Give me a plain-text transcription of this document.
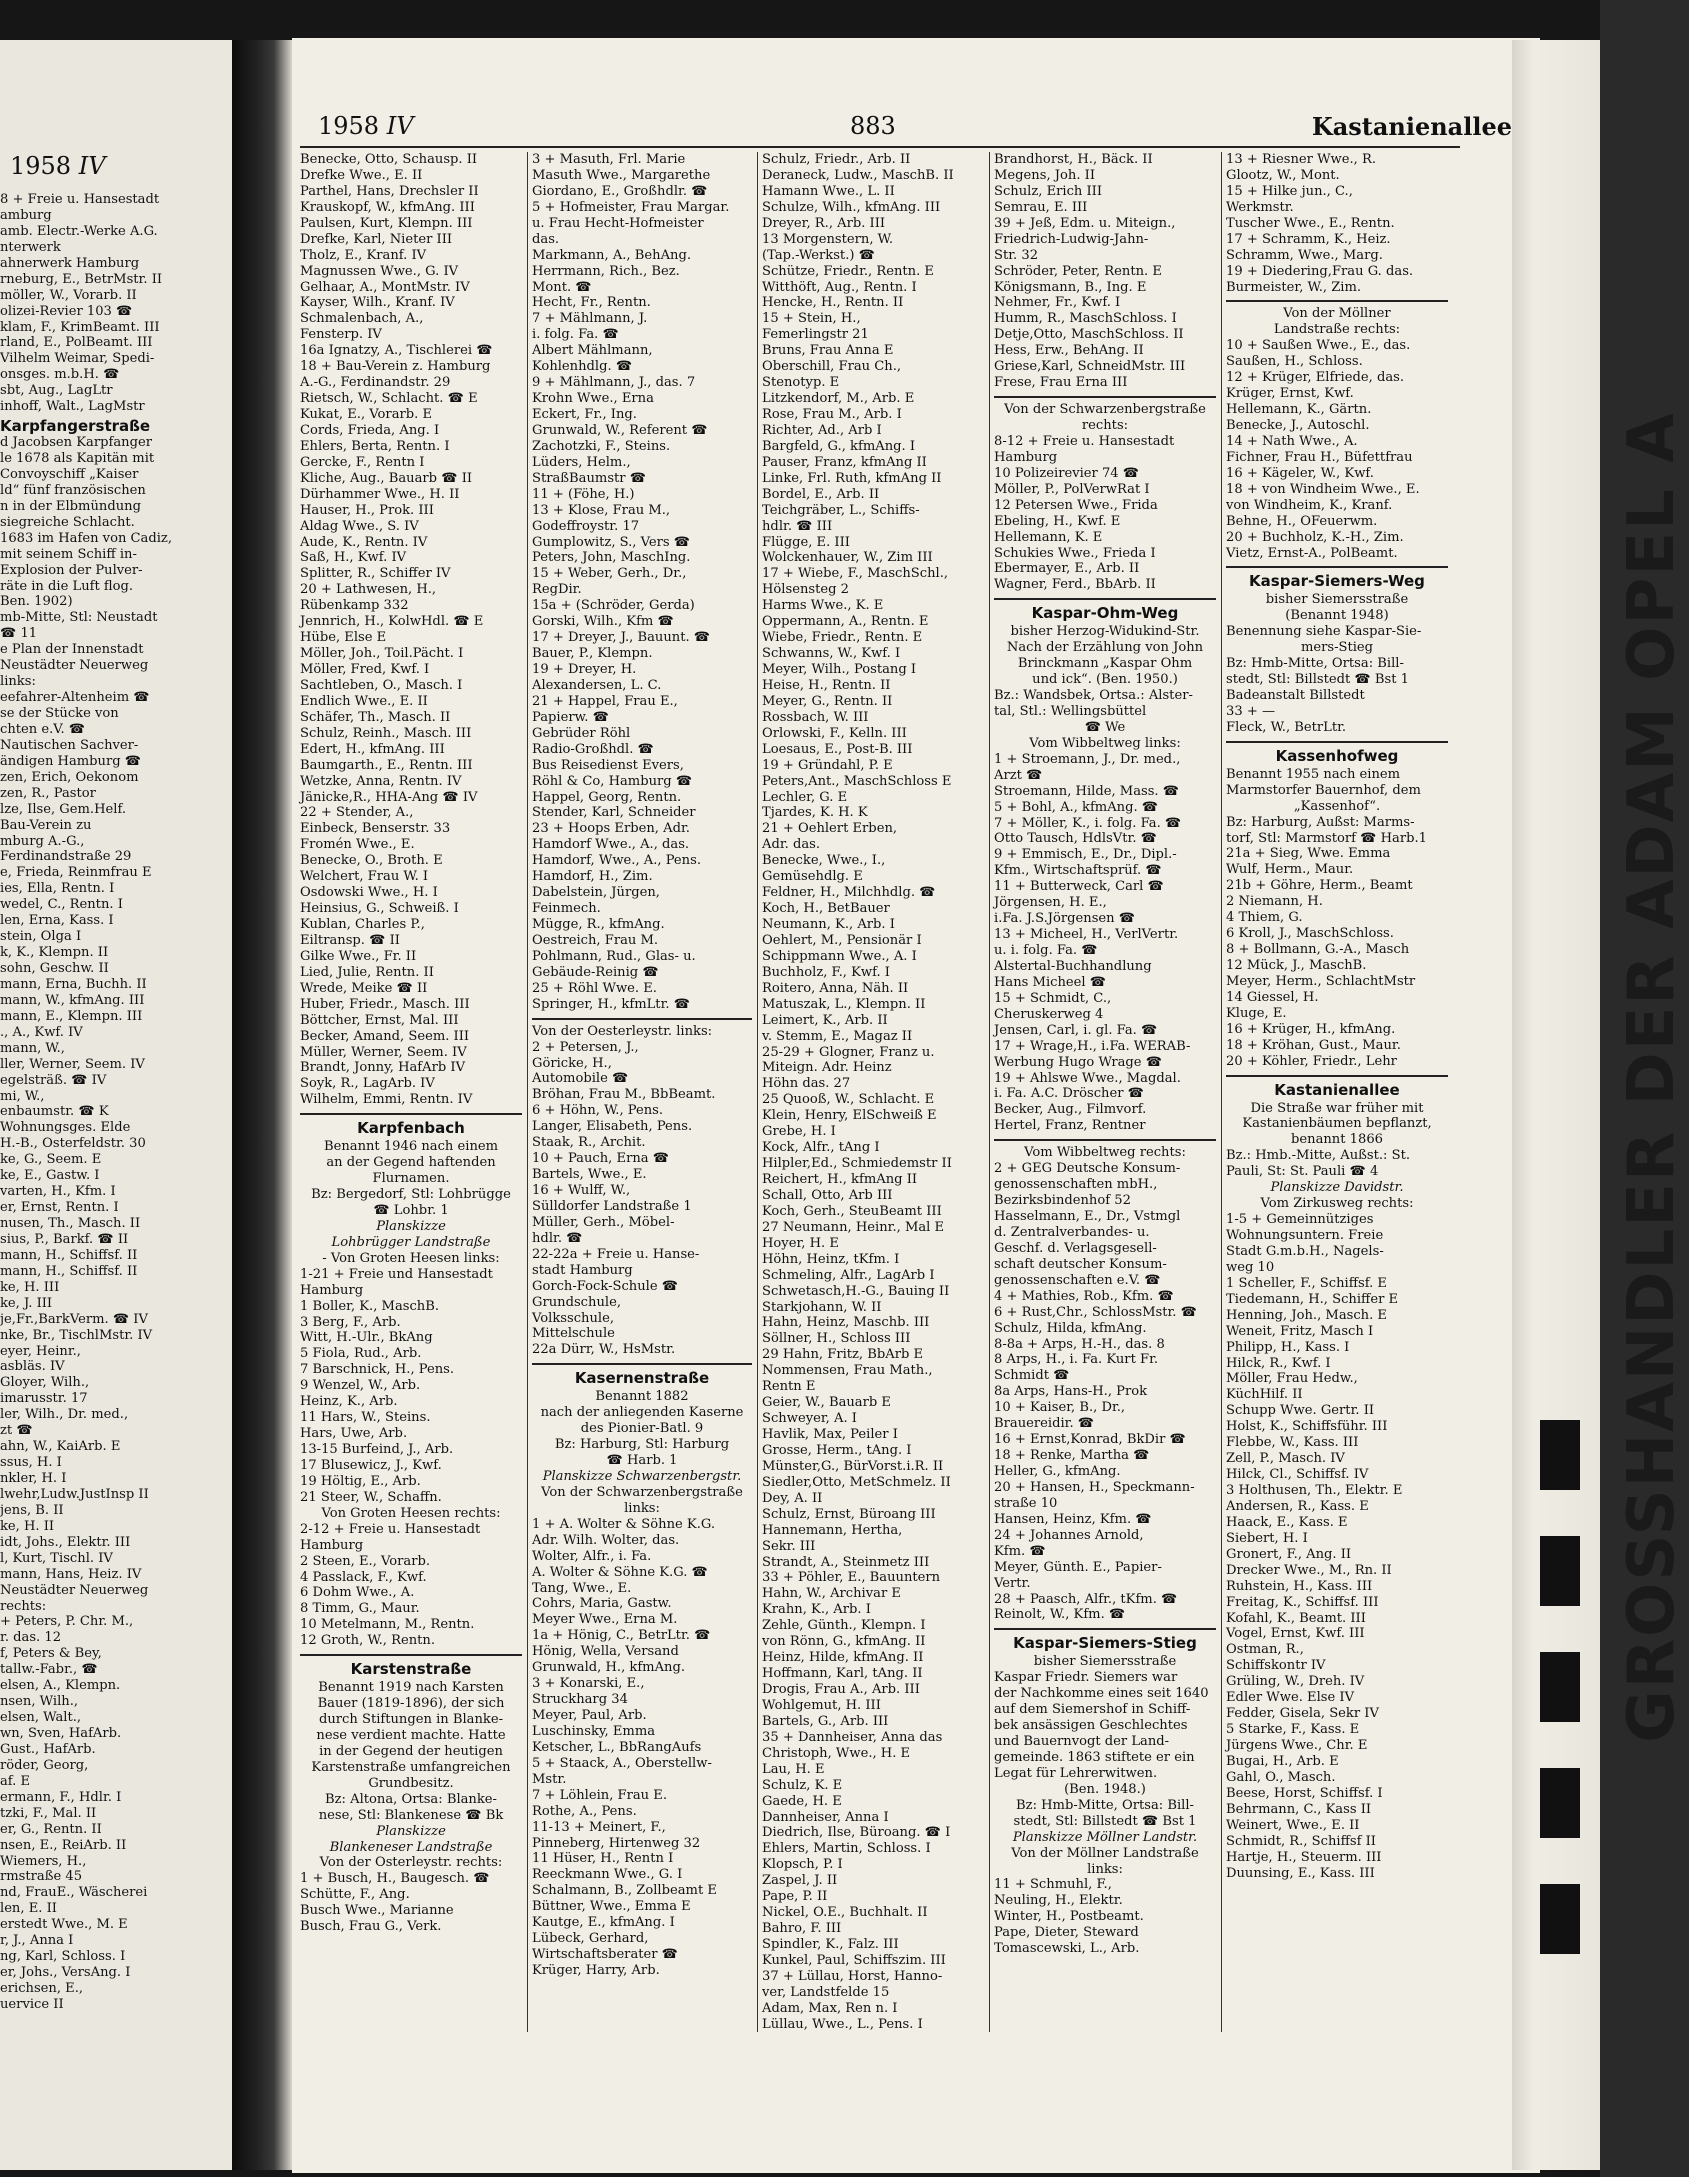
1958 IV
8 + Freie u. Hansestadt
amburg
amb. Electr.-Werke A.G.
nterwerk
ahnerwerk Hamburg
rneburg, E., BetrMstr. II
möller, W., Vorarb. II
olizei-Revier 103 ☎
klam, F., KrimBeamt. III
rland, E., PolBeamt. III
Vilhelm Weimar, Spedi-
onsges. m.b.H. ☎
sbt, Aug., LagLtr
inhoff, Walt., LagMstr
Karpfangerstraße
d Jacobsen Karpfanger
le 1678 als Kapitän mit
Convoyschiff „Kaiser
ld“ fünf französischen
n in der Elbmündung
siegreiche Schlacht.
1683 im Hafen von Cadiz,
mit seinem Schiff in-
Explosion der Pulver-
räte in die Luft flog.
Ben. 1902)
mb-Mitte, Stl: Neustadt
☎ 11
e Plan der Innenstadt
Neustädter Neuerweg
links:
eefahrer-Altenheim ☎
se der Stücke von
chten e.V. ☎
Nautischen Sachver-
ändigen Hamburg ☎
zen, Erich, Oekonom
zen, R., Pastor
lze, Ilse, Gem.Helf.
Bau-Verein zu
mburg A.-G.,
Ferdinandstraße 29
e, Frieda, Reinmfrau E
ies, Ella, Rentn. I
wedel, C., Rentn. I
len, Erna, Kass. I
stein, Olga I
k, K., Klempn. II
sohn, Geschw. II
mann, Erna, Buchh. II
mann, W., kfmAng. III
mann, E., Klempn. III
., A., Kwf. IV
mann, W.,
ller, Werner, Seem. IV
egelsträß. ☎ IV
mi, W.,
enbaumstr. ☎ K
Wohnungsges. Elde
H.-B., Osterfeldstr. 30
ke, G., Seem. E
ke, E., Gastw. I
varten, H., Kfm. I
er, Ernst, Rentn. I
nusen, Th., Masch. II
sius, P., Barkf. ☎ II
mann, H., Schiffsf. II
mann, H., Schiffsf. II
ke, H. III
ke, J. III
je,Fr.,BarkVerm. ☎ IV
nke, Br., TischlMstr. IV
eyer, Heinr.,
asbläs. IV
Gloyer, Wilh.,
imarusstr. 17
ler, Wilh., Dr. med.,
zt ☎
ahn, W., KaiArb. E
ssus, H. I
nkler, H. I
lwehr,Ludw.JustInsp II
jens, B. II
ke, H. II
idt, Johs., Elektr. III
l, Kurt, Tischl. IV
mann, Hans, Heiz. IV
Neustädter Neuerweg
rechts:
+ Peters, P. Chr. M.,
r. das. 12
f, Peters & Bey,
tallw.-Fabr., ☎
elsen, A., Klempn.
nsen, Wilh.,
elsen, Walt.,
wn, Sven, HafArb.
Gust., HafArb.
röder, Georg,
af. E
ermann, F., Hdlr. I
tzki, F., Mal. II
er, G., Rentn. II
nsen, E., ReiArb. II
Wiemers, H.,
rmstraße 45
nd, FrauE., Wäscherei
len, E. II
erstedt Wwe., M. E
r, J., Anna I
ng, Karl, Schloss. I
er, Johs., VersAng. I
erichsen, E.,
uervice II
GROSSHANDLER DER ADAM OPEL A
1958 IV	883	Kastanienallee
Benecke, Otto, Schausp. II
Drefke Wwe., E. II
Parthel, Hans, Drechsler II
Krauskopf, W., kfmAng. III
Paulsen, Kurt, Klempn. III
Drefke, Karl, Nieter III
Tholz, E., Kranf. IV
Magnussen Wwe., G. IV
Gelhaar, A., MontMstr. IV
Kayser, Wilh., Kranf. IV
Schmalenbach, A.,
Fensterp. IV
16a Ignatzy, A., Tischlerei ☎
18 + Bau-Verein z. Hamburg
A.-G., Ferdinandstr. 29
Rietsch, W., Schlacht. ☎ E
Kukat, E., Vorarb. E
Cords, Frieda, Ang. I
Ehlers, Berta, Rentn. I
Gercke, F., Rentn I
Kliche, Aug., Bauarb ☎ II
Dürhammer Wwe., H. II
Hauser, H., Prok. III
Aldag Wwe., S. IV
Aude, K., Rentn. IV
Saß, H., Kwf. IV
Splitter, R., Schiffer IV
20 + Lathwesen, H.,
Rübenkamp 332
Jennrich, H., KolwHdl. ☎ E
Hübe, Else E
Möller, Joh., Toil.Pächt. I
Möller, Fred, Kwf. I
Sachtleben, O., Masch. I
Endlich Wwe., E. II
Schäfer, Th., Masch. II
Schulz, Reinh., Masch. III
Edert, H., kfmAng. III
Baumgarth., E., Rentn. III
Wetzke, Anna, Rentn. IV
Jänicke,R., HHA-Ang ☎ IV
22 + Stender, A.,
Einbeck, Benserstr. 33
Fromén Wwe., E.
Benecke, O., Broth. E
Welchert, Frau W. I
Osdowski Wwe., H. I
Heinsius, G., Schweiß. I
Kublan, Charles P.,
Eiltransp. ☎ II
Gilke Wwe., Fr. II
Lied, Julie, Rentn. II
Wrede, Meike ☎ II
Huber, Friedr., Masch. III
Böttcher, Ernst, Mal. III
Becker, Amand, Seem. III
Müller, Werner, Seem. IV
Brandt, Jonny, HafArb IV
Soyk, R., LagArb. IV
Wilhelm, Emmi, Rentn. IV
Karpfenbach
Benannt 1946 nach einem
an der Gegend haftenden
Flurnamen.
Bz: Bergedorf, Stl: Lohbrügge
☎ Lohbr. 1
Planskizze
Lohbrügger Landstraße
- Von Groten Heesen links:
1-21 + Freie und Hansestadt
Hamburg
1 Boller, K., MaschB.
3 Berg, F., Arb.
Witt, H.-Ulr., BkAng
5 Fiola, Rud., Arb.
7 Barschnick, H., Pens.
9 Wenzel, W., Arb.
Heinz, K., Arb.
11 Hars, W., Steins.
Hars, Uwe, Arb.
13-15 Burfeind, J., Arb.
17 Blusewicz, J., Kwf.
19 Höltig, E., Arb.
21 Steer, W., Schaffn.
Von Groten Heesen rechts:
2-12 + Freie u. Hansestadt
Hamburg
2 Steen, E., Vorarb.
4 Passlack, F., Kwf.
6 Dohm Wwe., A.
8 Timm, G., Maur.
10 Metelmann, M., Rentn.
12 Groth, W., Rentn.
Karstenstraße
Benannt 1919 nach Karsten
Bauer (1819-1896), der sich
durch Stiftungen in Blanke-
nese verdient machte. Hatte
in der Gegend der heutigen
Karstenstraße umfangreichen
Grundbesitz.
Bz: Altona, Ortsa: Blanke-
nese, Stl: Blankenese ☎ Bk
Planskizze
Blankeneser Landstraße
Von der Osterleystr. rechts:
1 + Busch, H., Baugesch. ☎
Schütte, F., Ang.
Busch Wwe., Marianne
Busch, Frau G., Verk.
3 + Masuth, Frl. Marie
Masuth Wwe., Margarethe
Giordano, E., Großhdlr. ☎
5 + Hofmeister, Frau Margar.
u. Frau Hecht-Hofmeister
das.
Markmann, A., BehAng.
Herrmann, Rich., Bez.
Mont. ☎
Hecht, Fr., Rentn.
7 + Mählmann, J.
i. folg. Fa. ☎
Albert Mählmann,
Kohlenhdlg. ☎
9 + Mählmann, J., das. 7
Krohn Wwe., Erna
Eckert, Fr., Ing.
Grunwald, W., Referent ☎
Zachotzki, F., Steins.
Lüders, Helm.,
StraßBaumstr ☎
11 + (Föhe, H.)
13 + Klose, Frau M.,
Godeffroystr. 17
Gumplowitz, S., Vers ☎
Peters, John, MaschIng.
15 + Weber, Gerh., Dr.,
RegDir.
15a + (Schröder, Gerda)
Gorski, Wilh., Kfm ☎
17 + Dreyer, J., Bauunt. ☎
Bauer, P., Klempn.
19 + Dreyer, H.
Alexandersen, L. C.
21 + Happel, Frau E.,
Papierw. ☎
Gebrüder Röhl
Radio-Großhdl. ☎
Bus Reisedienst Evers,
Röhl & Co, Hamburg ☎
Happel, Georg, Rentn.
Stender, Karl, Schneider
23 + Hoops Erben, Adr.
Hamdorf Wwe., A., das.
Hamdorf, Wwe., A., Pens.
Hamdorf, H., Zim.
Dabelstein, Jürgen,
Feinmech.
Mügge, R., kfmAng.
Oestreich, Frau M.
Pohlmann, Rud., Glas- u.
Gebäude-Reinig ☎
25 + Röhl Wwe. E.
Springer, H., kfmLtr. ☎
Von der Oesterleystr. links:
2 + Petersen, J.,
Göricke, H.,
Automobile ☎
Bröhan, Frau M., BbBeamt.
6 + Höhn, W., Pens.
Langer, Elisabeth, Pens.
Staak, R., Archit.
10 + Pauch, Erna ☎
Bartels, Wwe., E.
16 + Wulff, W.,
Sülldorfer Landstraße 1
Müller, Gerh., Möbel-
hdlr. ☎
22-22a + Freie u. Hanse-
stadt Hamburg
Gorch-Fock-Schule ☎
Grundschule,
Volksschule,
Mittelschule
22a Dürr, W., HsMstr.
Kasernenstraße
Benannt 1882
nach der anliegenden Kaserne
des Pionier-Batl. 9
Bz: Harburg, Stl: Harburg
☎ Harb. 1
Planskizze Schwarzenbergstr.
Von der Schwarzenbergstraße
links:
1 + A. Wolter & Söhne K.G.
Adr. Wilh. Wolter, das.
Wolter, Alfr., i. Fa.
A. Wolter & Söhne K.G. ☎
Tang, Wwe., E.
Cohrs, Maria, Gastw.
Meyer Wwe., Erna M.
1a + Hönig, C., BetrLtr. ☎
Hönig, Wella, Versand
Grunwald, H., kfmAng.
3 + Konarski, E.,
Struckharg 34
Meyer, Paul, Arb.
Luschinsky, Emma
Ketscher, L., BbRangAufs
5 + Staack, A., Oberstellw-
Mstr.
7 + Löhlein, Frau E.
Rothe, A., Pens.
11-13 + Meinert, F.,
Pinneberg, Hirtenweg 32
11 Hüser, H., Rentn I
Reeckmann Wwe., G. I
Schalmann, B., Zollbeamt E
Büttner, Wwe., Emma E
Kautge, E., kfmAng. I
Lübeck, Gerhard,
Wirtschaftsberater ☎
Krüger, Harry, Arb.
Schulz, Friedr., Arb. II
Deraneck, Ludw., MaschB. II
Hamann Wwe., L. II
Schulze, Wilh., kfmAng. III
Dreyer, R., Arb. III
13 Morgenstern, W.
(Tap.-Werkst.) ☎
Schütze, Friedr., Rentn. E
Witthöft, Aug., Rentn. I
Hencke, H., Rentn. II
15 + Stein, H.,
Femerlingstr 21
Bruns, Frau Anna E
Oberschill, Frau Ch.,
Stenotyp. E
Litzkendorf, M., Arb. E
Rose, Frau M., Arb. I
Richter, Ad., Arb I
Bargfeld, G., kfmAng. I
Pauser, Franz, kfmAng II
Linke, Frl. Ruth, kfmAng II
Bordel, E., Arb. II
Teichgräber, L., Schiffs-
hdlr. ☎ III
Flügge, E. III
Wolckenhauer, W., Zim III
17 + Wiebe, F., MaschSchl.,
Hölsensteg 2
Harms Wwe., K. E
Oppermann, A., Rentn. E
Wiebe, Friedr., Rentn. E
Schwanns, W., Kwf. I
Meyer, Wilh., Postang I
Heise, H., Rentn. II
Meyer, G., Rentn. II
Rossbach, W. III
Orlowski, F., Kelln. III
Loesaus, E., Post-B. III
19 + Gründahl, P. E
Peters,Ant., MaschSchloss E
Lechler, G. E
Tjardes, K. H. K
21 + Oehlert Erben,
Adr. das.
Benecke, Wwe., I.,
Gemüsehdlg. E
Feldner, H., Milchhdlg. ☎
Koch, H., BetBauer
Neumann, K., Arb. I
Oehlert, M., Pensionär I
Schippmann Wwe., A. I
Buchholz, F., Kwf. I
Roitero, Anna, Näh. II
Matuszak, L., Klempn. II
Leimert, K., Arb. II
v. Stemm, E., Magaz II
25-29 + Glogner, Franz u.
Miteign. Adr. Heinz
Höhn das. 27
25 Quooß, W., Schlacht. E
Klein, Henry, ElSchweiß E
Grebe, H. I
Kock, Alfr., tAng I
Hilpler,Ed., Schmiedemstr II
Reichert, H., kfmAng II
Schall, Otto, Arb III
Koch, Gerh., SteuBeamt III
27 Neumann, Heinr., Mal E
Hoyer, H. E
Höhn, Heinz, tKfm. I
Schmeling, Alfr., LagArb I
Schwetasch,H.-G., Bauing II
Starkjohann, W. II
Hahn, Heinz, Maschb. III
Söllner, H., Schloss III
29 Hahn, Fritz, BbArb E
Nommensen, Frau Math.,
Rentn E
Geier, W., Bauarb E
Schweyer, A. I
Havlik, Max, Peiler I
Grosse, Herm., tAng. I
Münster,G., BürVorst.i.R. II
Siedler,Otto, MetSchmelz. II
Dey, A. II
Schulz, Ernst, Büroang III
Hannemann, Hertha,
Sekr. III
Strandt, A., Steinmetz III
33 + Pöhler, E., Bauuntern
Hahn, W., Archivar E
Krahn, K., Arb. I
Zehle, Günth., Klempn. I
von Rönn, G., kfmAng. II
Heinz, Hilde, kfmAng. II
Hoffmann, Karl, tAng. II
Drogis, Frau A., Arb. III
Wohlgemut, H. III
Bartels, G., Arb. III
35 + Dannheiser, Anna das
Christoph, Wwe., H. E
Lau, H. E
Schulz, K. E
Gaede, H. E
Dannheiser, Anna I
Diedrich, Ilse, Büroang. ☎ I
Ehlers, Martin, Schloss. I
Klopsch, P. I
Zaspel, J. II
Pape, P. II
Nickel, O.E., Buchhalt. II
Bahro, F. III
Spindler, K., Falz. III
Kunkel, Paul, Schiffszim. III
37 + Lüllau, Horst, Hanno-
ver, Landstfelde 15
Adam, Max, Ren n. I
Lüllau, Wwe., L., Pens. I
Brandhorst, H., Bäck. II
Megens, Joh. II
Schulz, Erich III
Semrau, E. III
39 + Jeß, Edm. u. Miteign.,
Friedrich-Ludwig-Jahn-
Str. 32
Schröder, Peter, Rentn. E
Königsmann, B., Ing. E
Nehmer, Fr., Kwf. I
Humm, R., MaschSchloss. I
Detje,Otto, MaschSchloss. II
Hess, Erw., BehAng. II
Griese,Karl, SchneidMstr. III
Frese, Frau Erna III
Von der Schwarzenbergstraße
rechts:
8-12 + Freie u. Hansestadt
Hamburg
10 Polizeirevier 74 ☎
Möller, P., PolVerwRat I
12 Petersen Wwe., Frida
Ebeling, H., Kwf. E
Hellemann, K. E
Schukies Wwe., Frieda I
Ebermayer, E., Arb. II
Wagner, Ferd., BbArb. II
Kaspar-Ohm-Weg
bisher Herzog-Widukind-Str.
Nach der Erzählung von John
Brinckmann „Kaspar Ohm
und ick“. (Ben. 1950.)
Bz.: Wandsbek, Ortsa.: Alster-
tal, Stl.: Wellingsbüttel
☎ We
Vom Wibbeltweg links:
1 + Stroemann, J., Dr. med.,
Arzt ☎
Stroemann, Hilde, Mass. ☎
5 + Bohl, A., kfmAng. ☎
7 + Möller, K., i. folg. Fa. ☎
Otto Tausch, HdlsVtr. ☎
9 + Emmisch, E., Dr., Dipl.-
Kfm., Wirtschaftsprüf. ☎
11 + Butterweck, Carl ☎
Jörgensen, H. E.,
i.Fa. J.S.Jörgensen ☎
13 + Micheel, H., VerlVertr.
u. i. folg. Fa. ☎
Alstertal-Buchhandlung
Hans Micheel ☎
15 + Schmidt, C.,
Cheruskerweg 4
Jensen, Carl, i. gl. Fa. ☎
17 + Wrage,H., i.Fa. WERAB-
Werbung Hugo Wrage ☎
19 + Ahlswe Wwe., Magdal.
i. Fa. A.C. Dröscher ☎
Becker, Aug., Filmvorf.
Hertel, Franz, Rentner
Vom Wibbeltweg rechts:
2 + GEG Deutsche Konsum-
genossenschaften mbH.,
Bezirksbindenhof 52
Hasselmann, E., Dr., Vstmgl
d. Zentralverbandes- u.
Geschf. d. Verlagsgesell-
schaft deutscher Konsum-
genossenschaften e.V. ☎
4 + Mathies, Rob., Kfm. ☎
6 + Rust,Chr., SchlossMstr. ☎
Schulz, Hilda, kfmAng.
8-8a + Arps, H.-H., das. 8
8 Arps, H., i. Fa. Kurt Fr.
Schmidt ☎
8a Arps, Hans-H., Prok
10 + Kaiser, B., Dr.,
Brauereidir. ☎
16 + Ernst,Konrad, BkDir ☎
18 + Renke, Martha ☎
Heller, G., kfmAng.
20 + Hansen, H., Speckmann-
straße 10
Hansen, Heinz, Kfm. ☎
24 + Johannes Arnold,
Kfm. ☎
Meyer, Günth. E., Papier-
Vertr.
28 + Paasch, Alfr., tKfm. ☎
Reinolt, W., Kfm. ☎
Kaspar-Siemers-Stieg
bisher Siemersstraße
Kaspar Friedr. Siemers war
der Nachkomme eines seit 1640
auf dem Siemershof in Schiff-
bek ansässigen Geschlechtes
und Bauernvogt der Land-
gemeinde. 1863 stiftete er ein
Legat für Lehrerwitwen.
(Ben. 1948.)
Bz: Hmb-Mitte, Ortsa: Bill-
stedt, Stl: Billstedt ☎ Bst 1
Planskizze Möllner Landstr.
Von der Möllner Landstraße
links:
11 + Schmuhl, F.,
Neuling, H., Elektr.
Winter, H., Postbeamt.
Pape, Dieter, Steward
Tomascewski, L., Arb.
13 + Riesner Wwe., R.
Glootz, W., Mont.
15 + Hilke jun., C.,
Werkmstr.
Tuscher Wwe., E., Rentn.
17 + Schramm, K., Heiz.
Schramm, Wwe., Marg.
19 + Diedering,Frau G. das.
Burmeister, W., Zim.
Von der Möllner
Landstraße rechts:
10 + Saußen Wwe., E., das.
Saußen, H., Schloss.
12 + Krüger, Elfriede, das.
Krüger, Ernst, Kwf.
Hellemann, K., Gärtn.
Benecke, J., Autoschl.
14 + Nath Wwe., A.
Fichner, Frau H., Büfettfrau
16 + Kägeler, W., Kwf.
18 + von Windheim Wwe., E.
von Windheim, K., Kranf.
Behne, H., OFeuerwm.
20 + Buchholz, K.-H., Zim.
Vietz, Ernst-A., PolBeamt.
Kaspar-Siemers-Weg
bisher Siemersstraße
(Benannt 1948)
Benennung siehe Kaspar-Sie-
mers-Stieg
Bz: Hmb-Mitte, Ortsa: Bill-
stedt, Stl: Billstedt ☎ Bst 1
Badeanstalt Billstedt
33 + —
Fleck, W., BetrLtr.
Kassenhofweg
Benannt 1955 nach einem
Marmstorfer Bauernhof, dem
„Kassenhof“.
Bz: Harburg, Außst: Marms-
torf, Stl: Marmstorf ☎ Harb.1
21a + Sieg, Wwe. Emma
Wulf, Herm., Maur.
21b + Göhre, Herm., Beamt
2 Niemann, H.
4 Thiem, G.
6 Kroll, J., MaschSchloss.
8 + Bollmann, G.-A., Masch
12 Mück, J., MaschB.
Meyer, Herm., SchlachtMstr
14 Giessel, H.
Kluge, E.
16 + Krüger, H., kfmAng.
18 + Kröhan, Gust., Maur.
20 + Köhler, Friedr., Lehr
Kastanienallee
Die Straße war früher mit
Kastanienbäumen bepflanzt,
benannt 1866
Bz.: Hmb.-Mitte, Außst.: St.
Pauli, St: St. Pauli ☎ 4
Planskizze Davidstr.
Vom Zirkusweg rechts:
1-5 + Gemeinnütziges
Wohnungsuntern. Freie
Stadt G.m.b.H., Nagels-
weg 10
1 Scheller, F., Schiffsf. E
Tiedemann, H., Schiffer E
Henning, Joh., Masch. E
Weneit, Fritz, Masch I
Philipp, H., Kass. I
Hilck, R., Kwf. I
Möller, Frau Hedw.,
KüchHilf. II
Schupp Wwe. Gertr. II
Holst, K., Schiffsführ. III
Flebbe, W., Kass. III
Zell, P., Masch. IV
Hilck, Cl., Schiffsf. IV
3 Holthusen, Th., Elektr. E
Andersen, R., Kass. E
Haack, E., Kass. E
Siebert, H. I
Gronert, F., Ang. II
Drecker Wwe., M., Rn. II
Ruhstein, H., Kass. III
Freitag, K., Schiffsf. III
Kofahl, K., Beamt. III
Vogel, Ernst, Kwf. III
Ostman, R.,
Schiffskontr IV
Grüling, W., Dreh. IV
Edler Wwe. Else IV
Fedder, Gisela, Sekr IV
5 Starke, F., Kass. E
Jürgens Wwe., Chr. E
Bugai, H., Arb. E
Gahl, O., Masch.
Beese, Horst, Schiffsf. I
Behrmann, C., Kass II
Weinert, Wwe., E. II
Schmidt, R., Schiffsf II
Hartje, H., Steuerm. III
Duunsing, E., Kass. III
